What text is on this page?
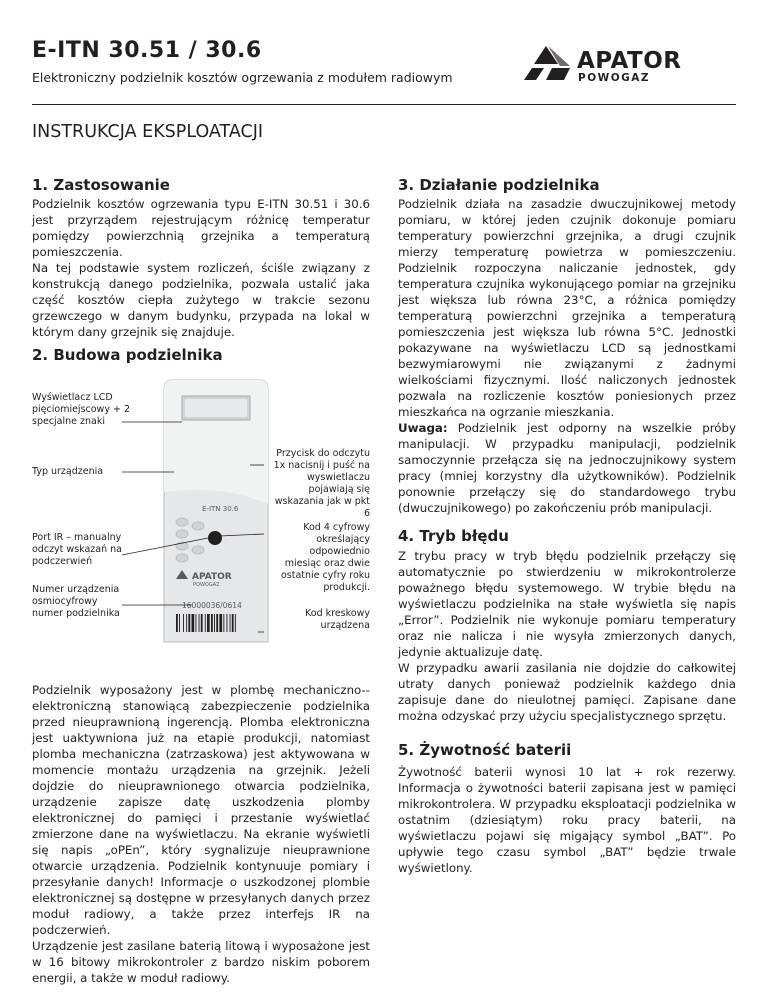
E-ITN 30.51 / 30.6

Elektroniczny podzielnik kosztów ogrzewania z modułem radiowym

APATOR
POWOGAZ
INSTRUKCJA EKSPLOATACJI
1. Zastosowanie

Podzielnik kosztów ogrzewania typu E-ITN 30.51 i 30.6 jest przyrządem rejestrującym różnicę temperatur pomiędzy powierzchnią grzejnika a temperaturą pomieszczenia.

Na tej podstawie system rozliczeń, ściśle związany z konstrukcją danego podzielnika, pozwala ustalić jaka część kosztów ciepła zużytego w trakcie sezonu grzewczego w danym budynku, przypada na lokal w którym dany grzejnik się znajduje.

2. Budowa podzielnika
E-ITN 30.6
APATOR
POWOGAZ
16000036/0614
Wyświetlacz LCD pięciomiejscowy + 2 specjalne znaki
Typ urządzenia
Port IR – manualny odczyt wskazań na podczerwień
Numer urządzenia osmiocyfrowy numer podzielnika
Przycisk do odczytu 1x nacisnij i puść na wyswietlaczu pojawiają się wskazania jak w pkt 6
Kod 4 cyfrowy określający odpowiednio miesiąc oraz dwie ostatnie cyfry roku produkcji.
Kod kreskowy urządzena

Podzielnik wyposażony jest w plombę mechaniczno--elektroniczną stanowiącą zabezpieczenie podzielnika przed nieuprawnioną ingerencją. Plomba elektroniczna jest uaktywniona już na etapie produkcji, natomiast plomba mechaniczna (zatrzaskowa) jest aktywowana w momencie montażu urządzenia na grzejnik. Jeżeli dojdzie do nieuprawnionego otwarcia podzielnika, urządzenie zapisze datę uszkodzenia plomby elektronicznej do pamięci i przestanie wyświetlać zmierzone dane na wyświetlaczu. Na ekranie wyświetli się napis „oPEn”, który sygnalizuje nieuprawnione otwarcie urządzenia. Podzielnik kontynuuje pomiary i przesyłanie danych! Informacje o uszkodzonej plombie elektronicznej są dostępne w przesyłanych danych przez moduł radiowy, a także przez interfejs IR na podczerwień.

Urządzenie jest zasilane baterią litową i wyposażone jest w 16 bitowy mikrokontroler z bardzo niskim poborem energii, a także w moduł radiowy.

3. Działanie podzielnika

Podzielnik działa na zasadzie dwuczujnikowej metody pomiaru, w której jeden czujnik dokonuje pomiaru temperatury powierzchni grzejnika, a drugi czujnik mierzy temperaturę powietrza w pomieszczeniu. Podzielnik rozpoczyna naliczanie jednostek, gdy temperatura czujnika wykonującego pomiar na grzejniku jest większa lub równa 23°C, a różnica pomiędzy temperaturą powierzchni grzejnika a temperaturą pomieszczenia jest większa lub równa 5°C. Jednostki pokazywane na wyświetlaczu LCD są jednostkami bezwymiarowymi nie związanymi z żadnymi wielkościami fizycznymi. Ilość naliczonych jednostek pozwala na rozliczenie kosztów poniesionych przez mieszkańca na ogrzanie mieszkania.

Uwaga: Podzielnik jest odporny na wszelkie próby manipulacji. W przypadku manipulacji, podzielnik samoczynnie przełącza się na jednoczujnikowy system pracy (mniej korzystny dla użytkowników). Podzielnik ponownie przełączy się do standardowego trybu (dwuczujnikowego) po zakończeniu prób manipulacji.

4. Tryb błędu

Z trybu pracy w tryb błędu podzielnik przełączy się automatycznie po stwierdzeniu w mikrokontrolerze poważnego błędu systemowego. W trybie błędu na wyświetlaczu podzielnika na stałe wyświetla się napis „Error”. Podzielnik nie wykonuje pomiaru temperatury oraz nie nalicza i nie wysyła zmierzonych danych, jedynie aktualizuje datę.

W przypadku awarii zasilania nie dojdzie do całkowitej utraty danych ponieważ podzielnik każdego dnia zapisuje dane do nieulotnej pamięci. Zapisane dane można odzyskać przy użyciu specjalistycznego sprzętu.

5. Żywotność baterii

Żywotność baterii wynosi 10 lat + rok rezerwy. Informacja o żywotności baterii zapisana jest w pamięci mikrokontrolera. W przypadku eksploatacji podzielnika w ostatnim (dziesiątym) roku pracy baterii, na wyświetlaczu pojawi się migający symbol „BAT”. Po upływie tego czasu symbol „BAT” będzie trwale wyświetlony.
